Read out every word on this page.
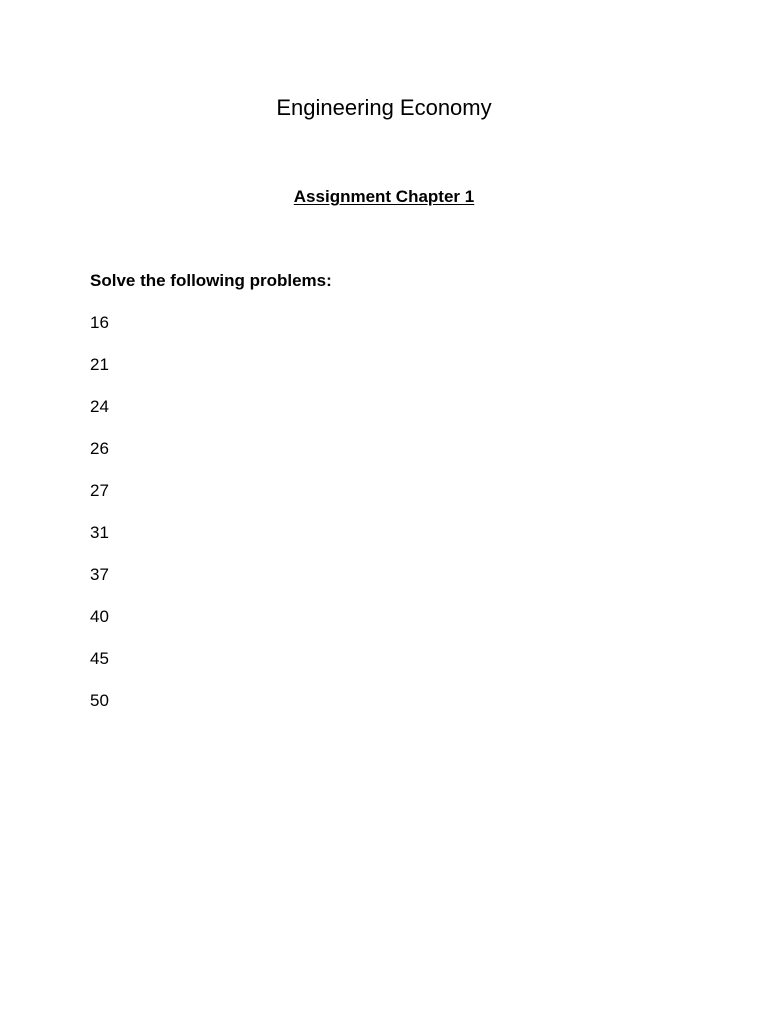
Engineering Economy
Assignment Chapter 1

Solve the following problems:

16
21
24
26
27
31
37
40
45
50
